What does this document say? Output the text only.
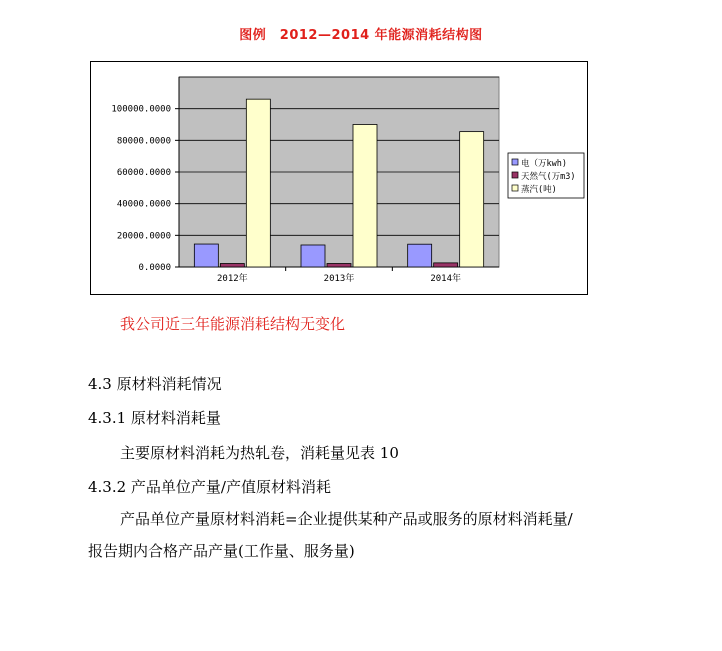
图例　2012—2014 年能源消耗结构图
0.0000
20000.0000
40000.0000
60000.0000
80000.0000
100000.0000
2012年	2013年	2014年
电（万kwh)
天然气(万m3)
蒸汽(吨)
我公司近三年能源消耗结构无变化
4.3 原材料消耗情况
4.3.1 原材料消耗量
主要原材料消耗为热轧卷，消耗量见表 10
4.3.2 产品单位产量/产值原材料消耗
产品单位产量原材料消耗=企业提供某种产品或服务的原材料消耗量/
报告期内合格产品产量(工作量、服务量)
